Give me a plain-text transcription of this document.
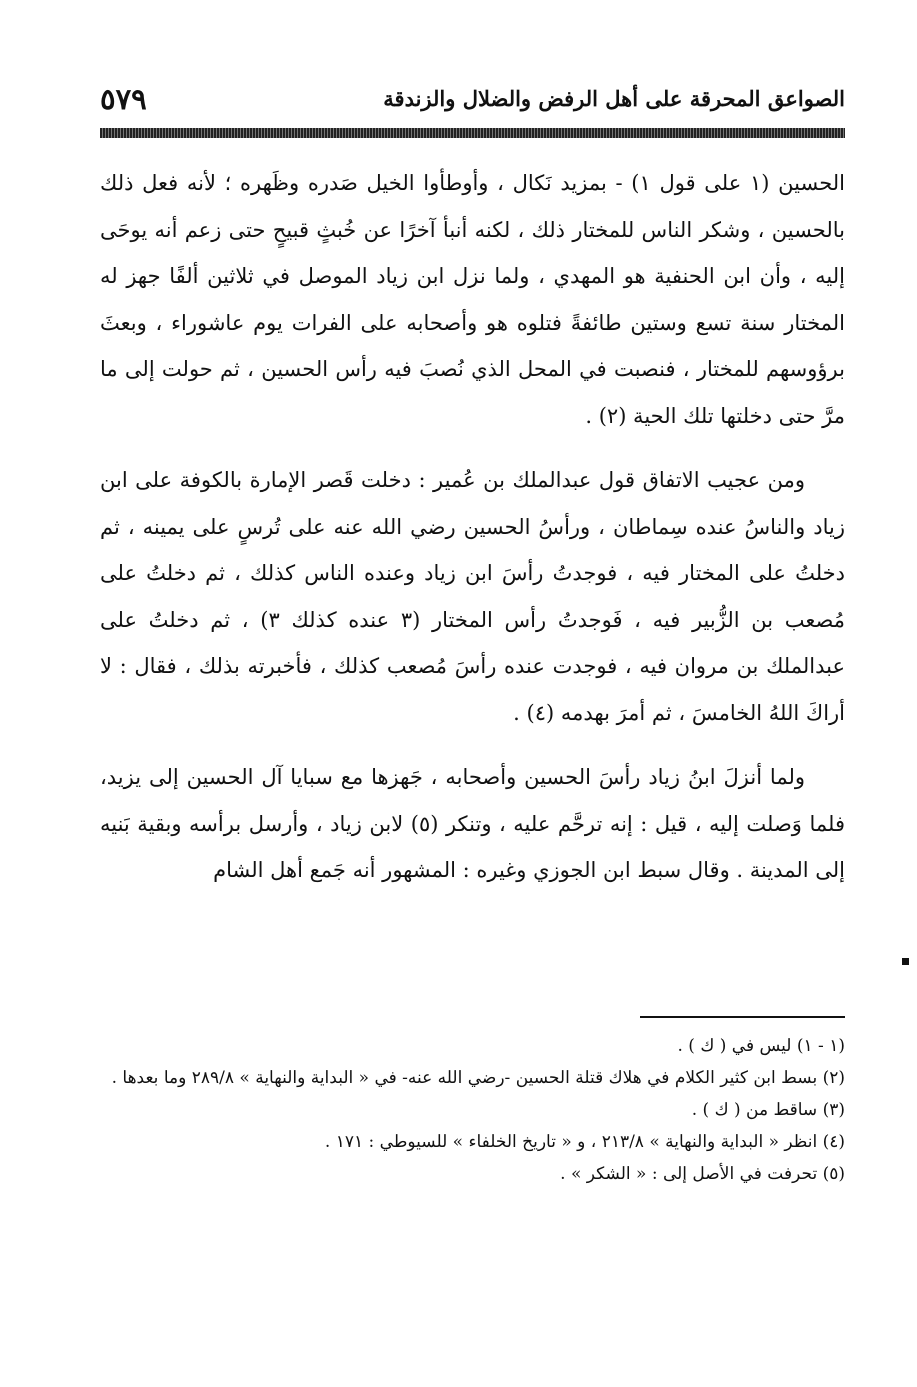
الصواعق المحرقة على أهل الرفض والضلال والزندقة
٥٧٩

الحسين (١ على قول ١) - بمزيد نَكال ، وأوطأوا الخيل صَدره وظَهره ؛ لأنه فعل ذلك بالحسين ، وشكر الناس للمختار ذلك ، لكنه أنبأ آخرًا عن خُبثٍ قبيحٍ حتى زعم أنه يوحَى إليه ، وأن ابن الحنفية هو المهدي ، ولما نزل ابن زياد الموصل في ثلاثين ألفًا جهز له المختار سنة تسع وستين طائفةً فتلوه هو وأصحابه على الفرات يوم عاشوراء ، وبعثَ برؤوسهم للمختار ، فنصبت في المحل الذي نُصبَ فيه رأس الحسين ، ثم حولت إلى ما مرَّ حتى دخلتها تلك الحية (٢) .

ومن عجيب الاتفاق قول عبدالملك بن عُمير : دخلت قَصر الإمارة بالكوفة على ابن زياد والناسُ عنده سِماطان ، ورأسُ الحسين رضي الله عنه على تُرسٍ على يمينه ، ثم دخلتُ على المختار فيه ، فوجدتُ رأسَ ابن زياد وعنده الناس كذلك ، ثم دخلتُ على مُصعب بن الزُّبير فيه ، فَوجدتُ رأس المختار (٣ عنده كذلك ٣) ، ثم دخلتُ على عبدالملك بن مروان فيه ، فوجدت عنده رأسَ مُصعب كذلك ، فأخبرته بذلك ، فقال : لا أراكَ اللهُ الخامسَ ، ثم أمرَ بهدمه (٤) .

ولما أنزلَ ابنُ زياد رأسَ الحسين وأصحابه ، جَهزها مع سبايا آل الحسين إلى يزيد، فلما وَصلت إليه ، قيل : إنه ترحَّم عليه ، وتنكر (٥) لابن زياد ، وأرسل برأسه وبقية بَنيه إلى المدينة . وقال سبط ابن الجوزي وغيره : المشهور أنه جَمع أهل الشام

(١ - ١) ليس في ( ك ) .

(٢) بسط ابن كثير الكلام في هلاك قتلة الحسين -رضي الله عنه- في « البداية والنهاية » ٢٨٩/٨ وما بعدها .

(٣) ساقط من ( ك ) .

(٤) انظر « البداية والنهاية » ٢١٣/٨ ، و « تاريخ الخلفاء » للسيوطي : ١٧١ .

(٥) تحرفت في الأصل إلى : « الشكر » .
